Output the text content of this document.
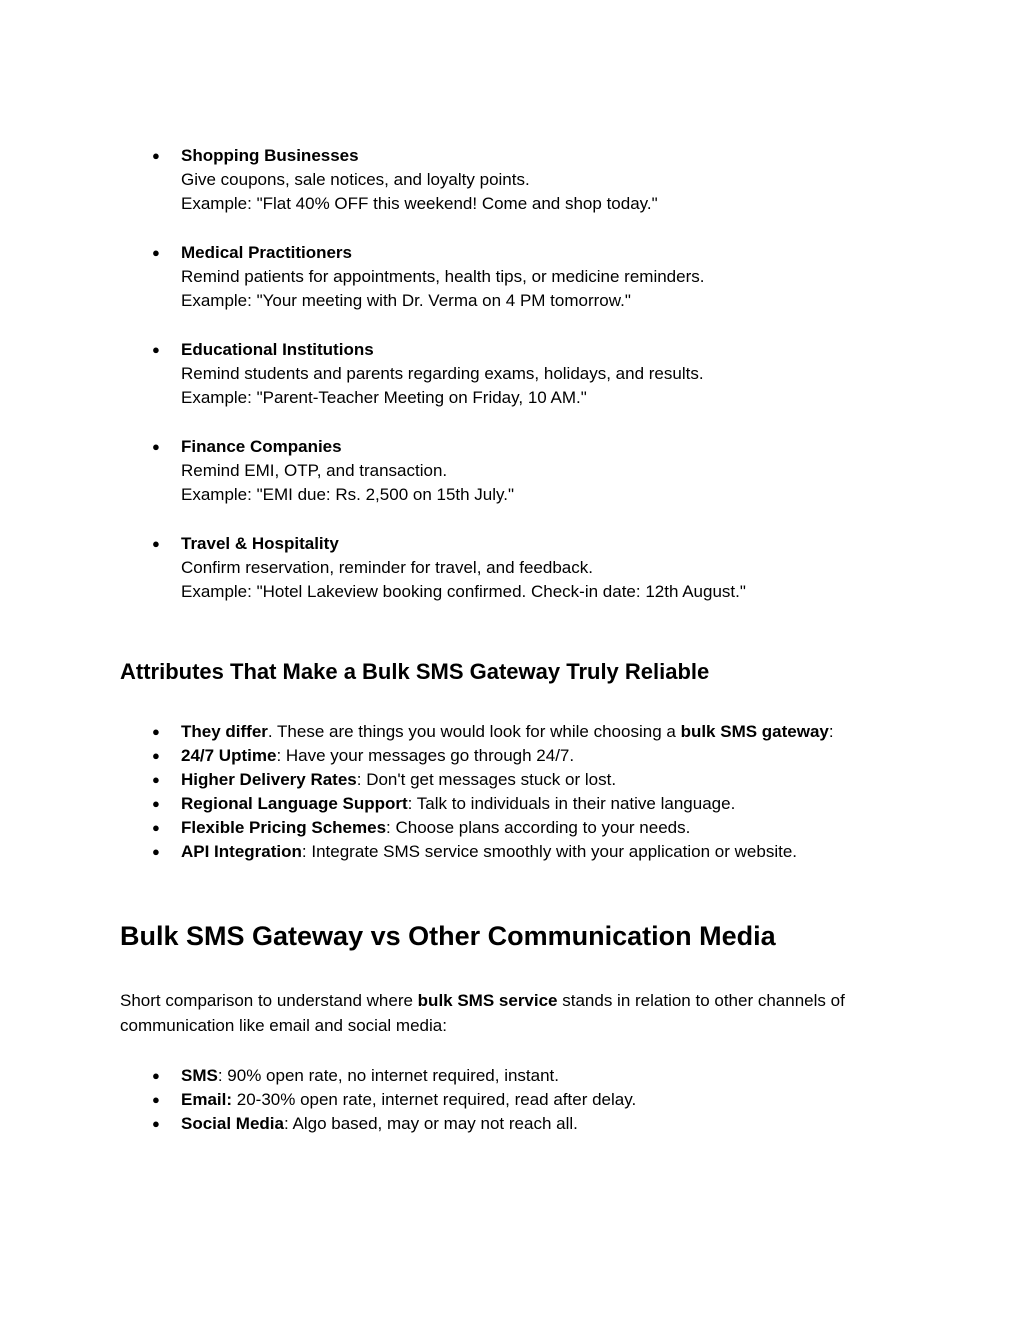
● Shopping Businesses
Give coupons, sale notices, and loyalty points.
Example: "Flat 40% OFF this weekend! Come and shop today."
● Medical Practitioners
Remind patients for appointments, health tips, or medicine reminders.
Example: "Your meeting with Dr. Verma on 4 PM tomorrow."
● Educational Institutions
Remind students and parents regarding exams, holidays, and results.
Example: "Parent-Teacher Meeting on Friday, 10 AM."
● Finance Companies
Remind EMI, OTP, and transaction.
Example: "EMI due: Rs. 2,500 on 15th July."
● Travel & Hospitality
Confirm reservation, reminder for travel, and feedback.
Example: "Hotel Lakeview booking confirmed. Check-in date: 12th August."
Attributes That Make a Bulk SMS Gateway Truly Reliable
● They differ. These are things you would look for while choosing a bulk SMS gateway:
● 24/7 Uptime: Have your messages go through 24/7.
● Higher Delivery Rates: Don't get messages stuck or lost.
● Regional Language Support: Talk to individuals in their native language.
● Flexible Pricing Schemes: Choose plans according to your needs.
● API Integration: Integrate SMS service smoothly with your application or website.
Bulk SMS Gateway vs Other Communication Media

Short comparison to understand where bulk SMS service stands in relation to other channels of communication like email and social media:

● SMS: 90% open rate, no internet required, instant.
● Email: 20-30% open rate, internet required, read after delay.
● Social Media: Algo based, may or may not reach all.
